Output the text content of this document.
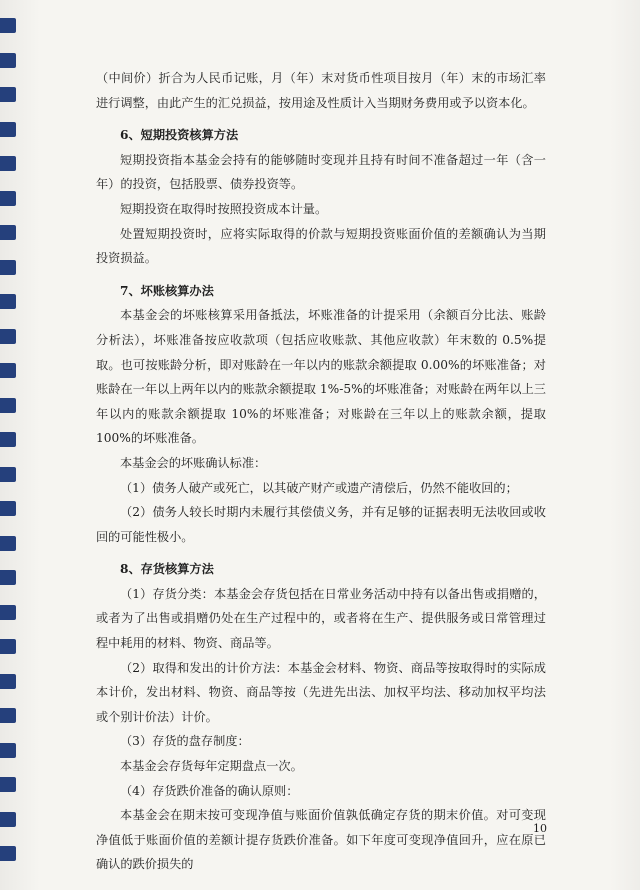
（中间价）折合为人民币记账，月（年）末对货币性项目按月（年）末的市场汇率进行调整，由此产生的汇兑损益，按用途及性质计入当期财务费用或予以资本化。

6、短期投资核算方法

短期投资指本基金会持有的能够随时变现并且持有时间不准备超过一年（含一年）的投资，包括股票、债券投资等。

短期投资在取得时按照投资成本计量。

处置短期投资时，应将实际取得的价款与短期投资账面价值的差额确认为当期投资损益。

7、坏账核算办法

本基金会的坏账核算采用备抵法，坏账准备的计提采用（余额百分比法、账龄分析法），坏账准备按应收款项（包括应收账款、其他应收款）年末数的 0.5%提取。也可按账龄分析，即对账龄在一年以内的账款余额提取 0.00%的坏账准备；对账龄在一年以上两年以内的账款余额提取 1%-5%的坏账准备；对账龄在两年以上三年以内的账款余额提取 10%的坏账准备；对账龄在三年以上的账款余额，提取 100%的坏账准备。

本基金会的坏账确认标准：

（1）债务人破产或死亡，以其破产财产或遗产清偿后，仍然不能收回的；

（2）债务人较长时期内未履行其偿债义务，并有足够的证据表明无法收回或收回的可能性极小。

8、存货核算方法

（1）存货分类：本基金会存货包括在日常业务活动中持有以备出售或捐赠的，或者为了出售或捐赠仍处在生产过程中的，或者将在生产、提供服务或日常管理过程中耗用的材料、物资、商品等。

（2）取得和发出的计价方法：本基金会材料、物资、商品等按取得时的实际成本计价，发出材料、物资、商品等按（先进先出法、加权平均法、移动加权平均法或个别计价法）计价。

（3）存货的盘存制度：

本基金会存货每年定期盘点一次。

（4）存货跌价准备的确认原则：

本基金会在期末按可变现净值与账面价值孰低确定存货的期末价值。对可变现净值低于账面价值的差额计提存货跌价准备。如下年度可变现净值回升，应在原已确认的跌价损失的

10
